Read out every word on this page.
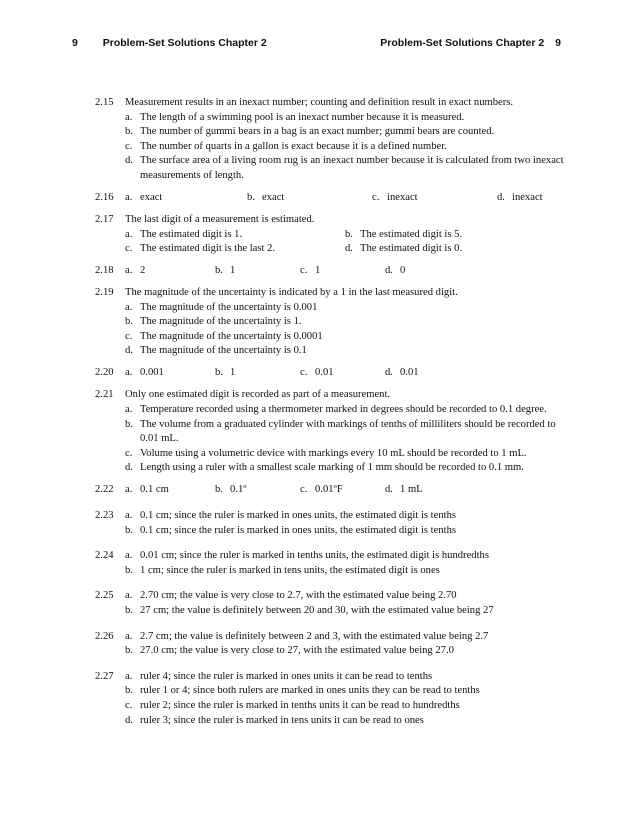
9 Problem-Set Solutions Chapter 2	Problem-Set Solutions Chapter 2 9
2.15 Measurement results in an inexact number; counting and definition result in exact numbers.
a. The length of a swimming pool is an inexact number because it is measured.
b. The number of gummi bears in a bag is an exact number; gummi bears are counted.
c. The number of quarts in a gallon is exact because it is a defined number.
d. The surface area of a living room rug is an inexact number because it is calculated from two inexact measurements of length.
2.16 a. exact	b. exact	c. inexact	d. inexact
2.17 The last digit of a measurement is estimated.
a. The estimated digit is 1.	b. The estimated digit is 5.
c. The estimated digit is the last 2.	d. The estimated digit is 0.
2.18 a. 2	b. 1	c. 1	d. 0
2.19 The magnitude of the uncertainty is indicated by a 1 in the last measured digit.
a. The magnitude of the uncertainty is 0.001
b. The magnitude of the uncertainty is 1.
c. The magnitude of the uncertainty is 0.0001
d. The magnitude of the uncertainty is 0.1
2.20 a. 0.001	b. 1	c. 0.01	d. 0.01
2.21 Only one estimated digit is recorded as part of a measurement.
a. Temperature recorded using a thermometer marked in degrees should be recorded to 0.1 degree.
b. The volume from a graduated cylinder with markings of tenths of milliliters should be recorded to 0.01 mL.
c. Volume using a volumetric device with markings every 10 mL should be recorded to 1 mL.
d. Length using a ruler with a smallest scale marking of 1 mm should be recorded to 0.1 mm.
2.22 a. 0.1 cm	b. 0.1º	c. 0.01ºF	d. 1 mL
2.23 a. 0.1 cm; since the ruler is marked in ones units, the estimated digit is tenths
b. 0.1 cm; since the ruler is marked in ones units, the estimated digit is tenths
2.24 a. 0.01 cm; since the ruler is marked in tenths units, the estimated digit is hundredths
b. 1 cm; since the ruler is marked in tens units, the estimated digit is ones
2.25 a. 2.70 cm; the value is very close to 2.7, with the estimated value being 2.70
b. 27 cm; the value is definitely between 20 and 30, with the estimated value being 27
2.26 a. 2.7 cm; the value is definitely between 2 and 3, with the estimated value being 2.7
b. 27.0 cm; the value is very close to 27, with the estimated value being 27.0
2.27 a. ruler 4; since the ruler is marked in ones units it can be read to tenths
b. ruler 1 or 4; since both rulers are marked in ones units they can be read to tenths
c. ruler 2; since the ruler is marked in tenths units it can be read to hundredths
d. ruler 3; since the ruler is marked in tens units it can be read to ones
